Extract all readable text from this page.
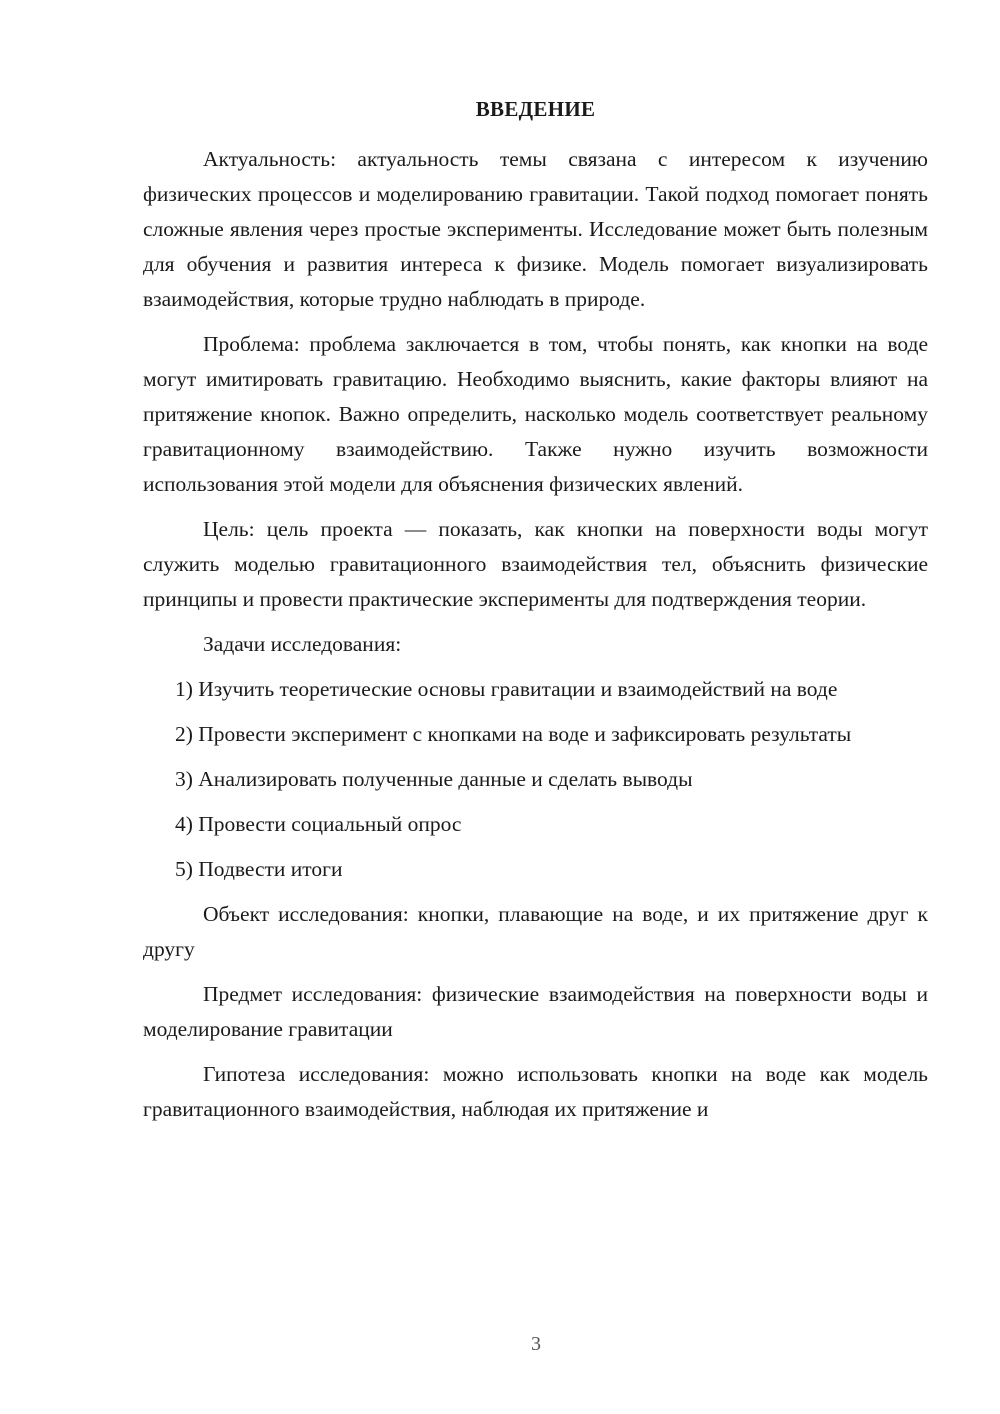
ВВЕДЕНИЕ

Актуальность: актуальность темы связана с интересом к изучению физических процессов и моделированию гравитации. Такой подход помогает понять сложные явления через простые эксперименты. Исследование может быть полезным для обучения и развития интереса к физике. Модель помогает визуализировать взаимодействия, которые трудно наблюдать в природе.

Проблема: проблема заключается в том, чтобы понять, как кнопки на воде могут имитировать гравитацию. Необходимо выяснить, какие факторы влияют на притяжение кнопок. Важно определить, насколько модель соответствует реальному гравитационному взаимодействию. Также нужно изучить возможности использования этой модели для объяснения физических явлений.

Цель: цель проекта — показать, как кнопки на поверхности воды могут служить моделью гравитационного взаимодействия тел, объяснить физические принципы и провести практические эксперименты для подтверждения теории.

Задачи исследования:

1) Изучить теоретические основы гравитации и взаимодействий на воде
2) Провести эксперимент с кнопками на воде и зафиксировать результаты
3) Анализировать полученные данные и сделать выводы
4) Провести социальный опрос
5) Подвести итоги

Объект исследования: кнопки, плавающие на воде, и их притяжение друг к другу

Предмет исследования: физические взаимодействия на поверхности воды и моделирование гравитации

Гипотеза исследования: можно использовать кнопки на воде как модель гравитационного взаимодействия, наблюдая их притяжение и

3
